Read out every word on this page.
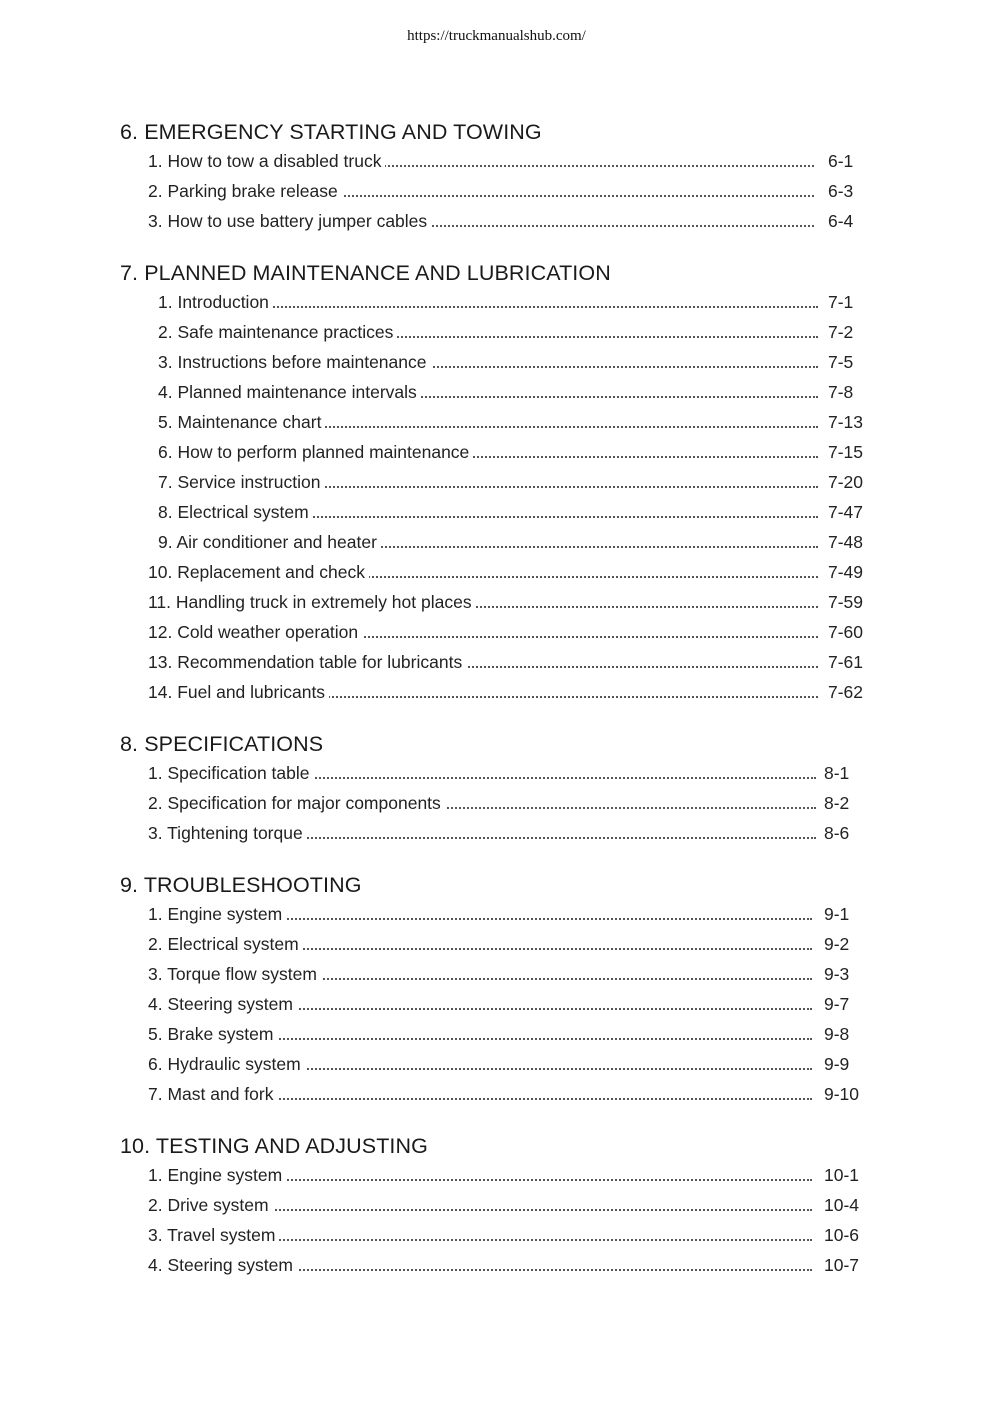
https://truckmanualshub.com/
6. EMERGENCY STARTING AND TOWING
1. How to tow a disabled truck	6-1
2. Parking brake release	6-3
3. How to use battery jumper cables	6-4
7. PLANNED MAINTENANCE AND LUBRICATION
1. Introduction	7-1
2. Safe maintenance practices	7-2
3. Instructions before maintenance	7-5
4. Planned maintenance intervals	7-8
5. Maintenance chart	7-13
6. How to perform planned maintenance	7-15
7. Service instruction	7-20
8. Electrical system	7-47
9. Air conditioner and heater	7-48
10. Replacement and check	7-49
11. Handling truck in extremely hot places	7-59
12. Cold weather operation	7-60
13. Recommendation table for lubricants	7-61
14. Fuel and lubricants	7-62
8. SPECIFICATIONS
1. Specification table	8-1
2. Specification for major components	8-2
3. Tightening torque	8-6
9. TROUBLESHOOTING
1. Engine system	9-1
2. Electrical system	9-2
3. Torque flow system	9-3
4. Steering system	9-7
5. Brake system	9-8
6. Hydraulic system	9-9
7. Mast and fork	9-10
10. TESTING AND ADJUSTING
1. Engine system	10-1
2. Drive system	10-4
3. Travel system	10-6
4. Steering system	10-7
